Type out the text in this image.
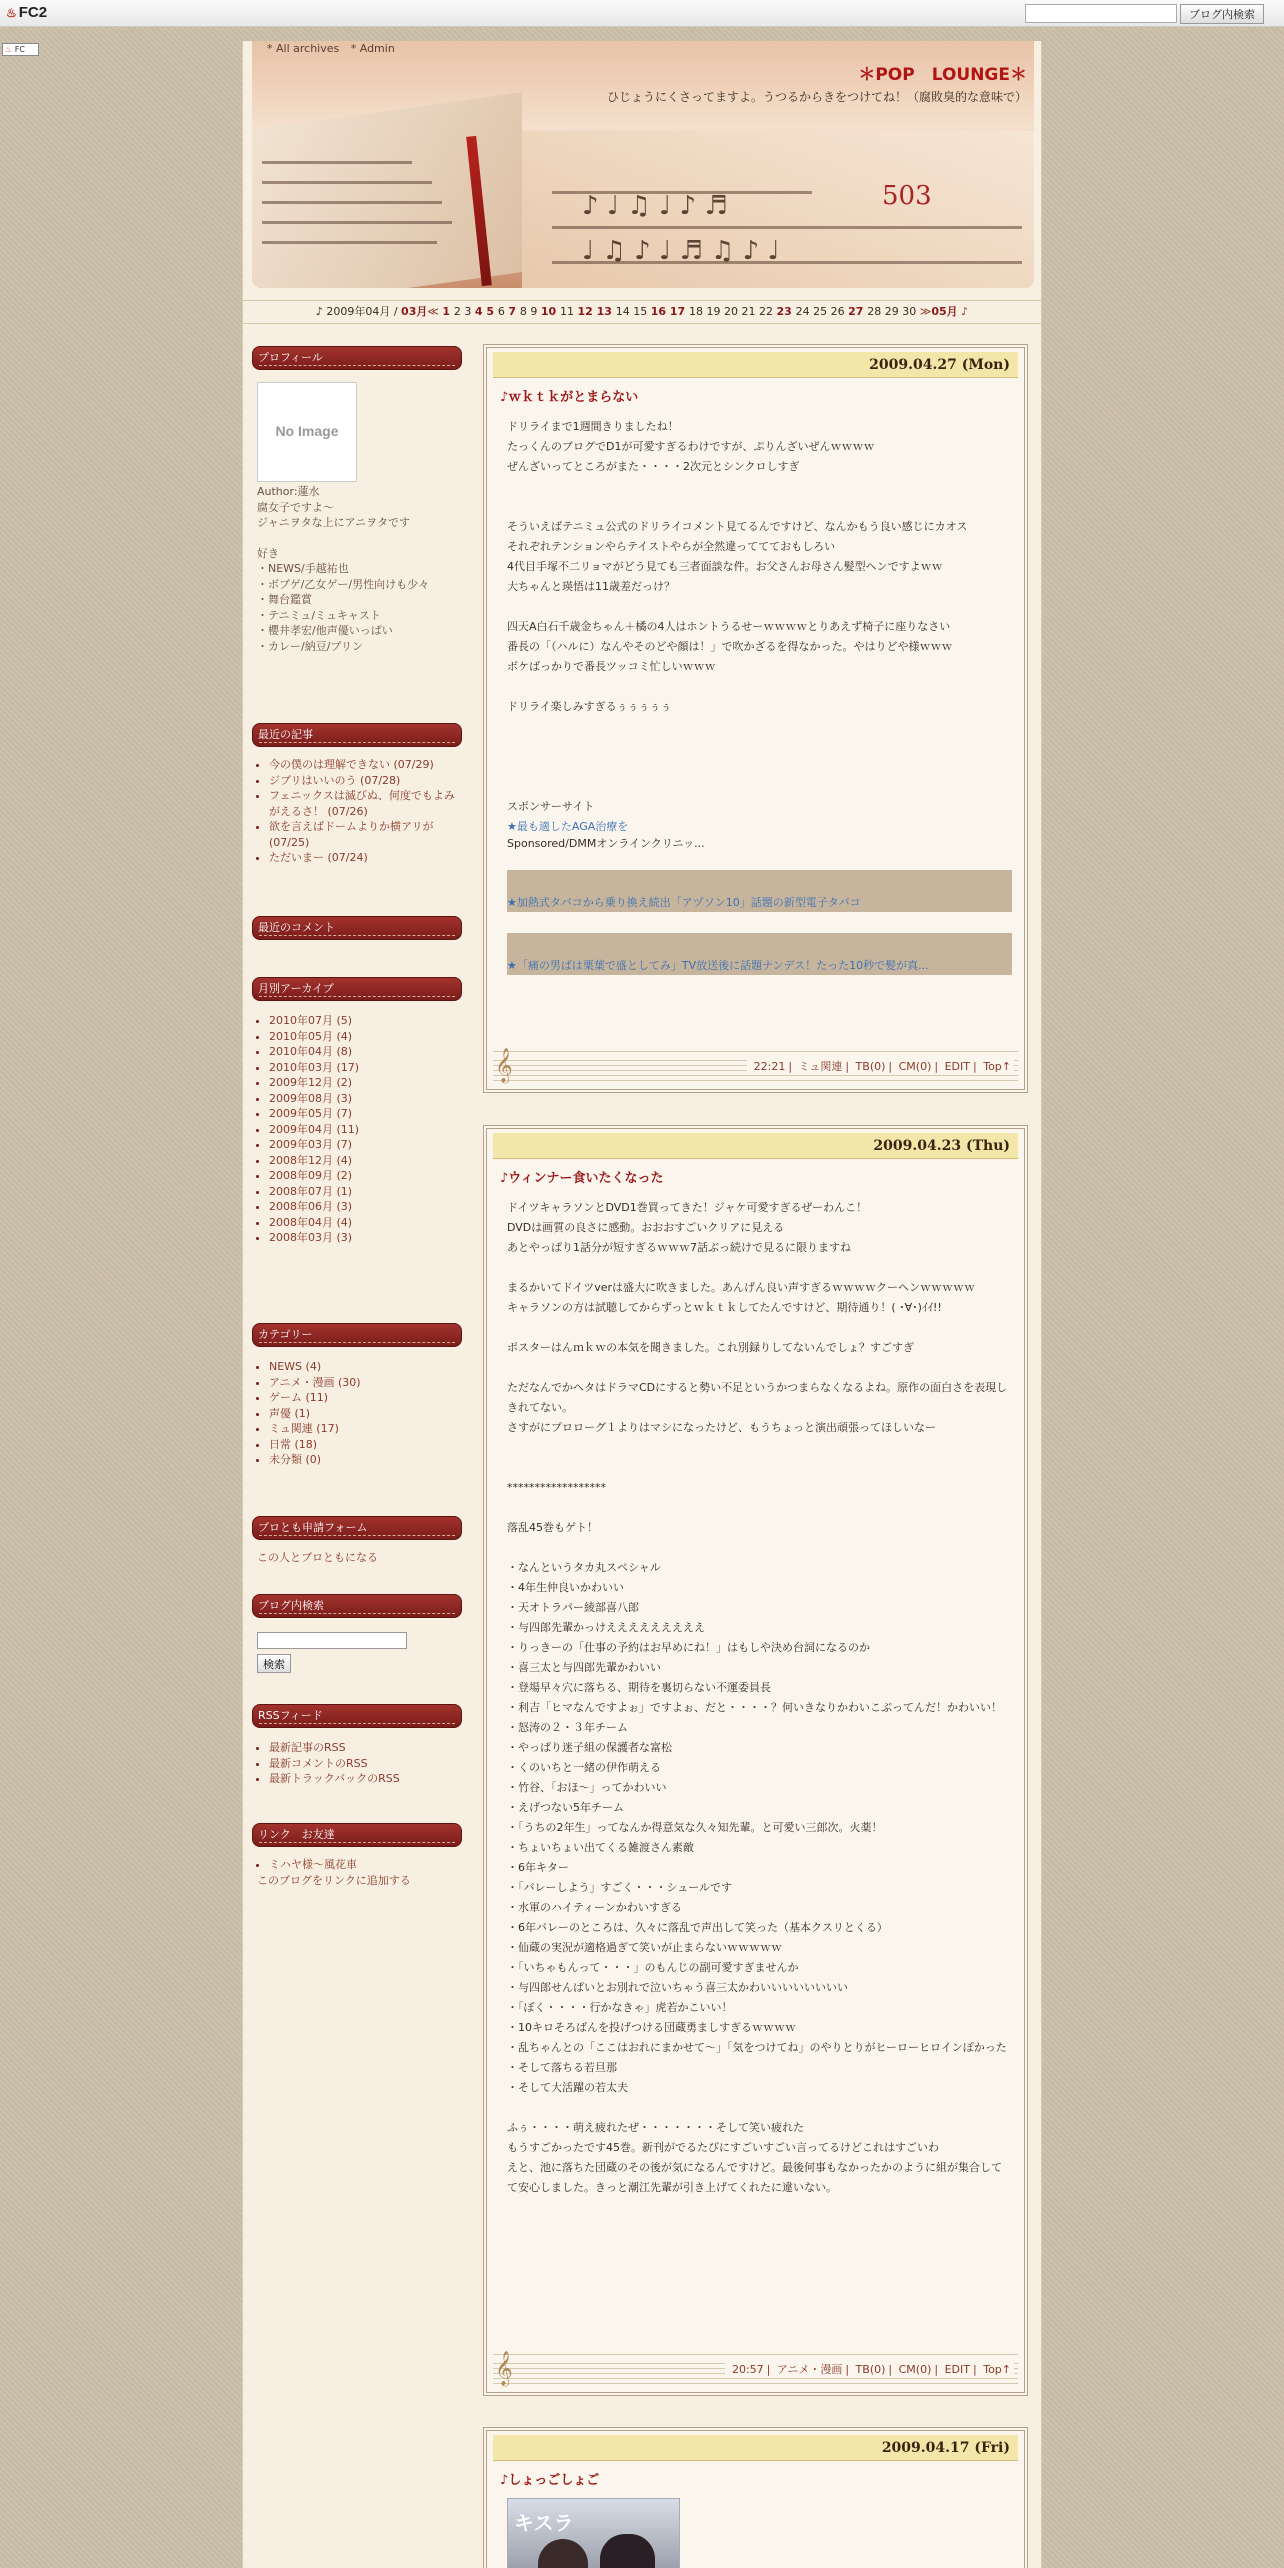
♨ FC2	ブログ内検索
♨ FC
♪ ♩ ♫ ♩ ♪ ♬
♩ ♫ ♪ ♩ ♬ ♫ ♪ ♩
503
* All archives * Admin
＊POP　LOUNGE＊
ひじょうにくさってますよ。うつるからきをつけてね！（腐敗臭的な意味で）
♪ 2009年04月 / 03月≪ 1 2 3 4 5 6 7 8 9 10 11 12 13 14 15 16 17 18 19 20 21 22 23 24 25 26 27 28 29 30 ≫05月 ♪
プロフィール
No Image
Author:蓮水
腐女子ですよ～
ジャニヲタな上にアニヲタです
好き
・NEWS/手越祐也
・ボブゲ/乙女ゲー/男性向けも少々
・舞台鑑賞
・テニミュ/ミュキャスト
・櫻井孝宏/他声優いっぱい
・カレー/納豆/プリン
最近の記事
• 今の僕のは理解できない (07/29)
• ジブリはいいのう (07/28)
• フェニックスは滅びぬ、何度でもよみがえるさ！ (07/26)
• 欲を言えばドームよりか横アリが (07/25)
• ただいまー (07/24)
最近のコメント
月別アーカイブ
• 2010年07月 (5)
• 2010年05月 (4)
• 2010年04月 (8)
• 2010年03月 (17)
• 2009年12月 (2)
• 2009年08月 (3)
• 2009年05月 (7)
• 2009年04月 (11)
• 2009年03月 (7)
• 2008年12月 (4)
• 2008年09月 (2)
• 2008年07月 (1)
• 2008年06月 (3)
• 2008年04月 (4)
• 2008年03月 (3)
カテゴリー
• NEWS (4)
• アニメ・漫画 (30)
• ゲーム (11)
• 声優 (1)
• ミュ関連 (17)
• 日常 (18)
• 未分類 (0)
ブロとも申請フォーム
この人とブロともになる
ブログ内検索
検索
RSSフィード
• 最新記事のRSS
• 最新コメントのRSS
• 最新トラックバックのRSS
リンク　お友達
• ミハヤ様～風花車
このブログをリンクに追加する
2009.04.27 (Mon)
♪ｗｋｔｋがとまらない
ドリライまで1週間きりましたね！
たっくんのブログでD1が可愛すぎるわけですが、ぷりんざいぜんｗｗｗｗ
ぜんざいってところがまた・・・・2次元とシンクロしすぎ

そういえばテニミュ公式のドリライコメント見てるんですけど、なんかもう良い感じにカオス
それぞれテンションやらテイストやらが全然違っててておもしろい
4代目手塚不二リョマがどう見ても三者面談な件。お父さんお母さん髪型ヘンですよｗｗ
大ちゃんと瑛悟は11歳差だっけ？

四天A白石千歳金ちゃん＋橘の4人はホントうるせーｗｗｗｗとりあえず椅子に座りなさい
番長の「（ハルに）なんやそのどや顔は！」で吹かざるを得なかった。やはりどや様ｗｗｗ
ボケばっかりで番長ツッコミ忙しいｗｗｗ

ドリライ楽しみすぎるぅぅぅぅぅ

スポンサーサイト

★最も適したAGA治療を
Sponsored/DMMオンラインクリニッ...
★加熱式タバコから乗り換え続出「アヅソン10」話題の新型電子タバコ
★「痛の男ばは栗葉で盛としてみ」TV放送後に話題ナンデス！たった10秒で髪が真...
𝄞	22:21 | ミュ関連 | TB(0) | CM(0) | EDIT | Top↑
2009.04.23 (Thu)
♪ウィンナー食いたくなった
ドイツキャラソンとDVD1巻買ってきた！ジャケ可愛すぎるぜーわんこ！
DVDは画質の良さに感動。おおおすごいクリアに見える
あとやっぱり1話分が短すぎるｗｗｗ7話ぶっ続けで見るに限りますね

まるかいてドイツverは盛大に吹きました。あんげん良い声すぎるｗｗｗｗクーヘンｗｗｗｗｗ
キャラソンの方は試聴してからずっとｗｋｔｋしてたんですけど、期待通り！( ･∀･)ｲｲ!!

ポスターはんｍｋｗの本気を聞きました。これ別録りしてないんでしょ？すごすぎ

ただなんでかヘタはドラマCDにすると勢い不足というかつまらなくなるよね。原作の面白さを表現しきれてない。
さすがにプロローグ１よりはマシになったけど、もうちょっと演出頑張ってほしいなー

******************

落乱45巻もゲト！

・なんというタカ丸スペシャル
・4年生仲良いかわいい
・天オトラパー綾部喜八郎
・与四郎先輩かっけえええええええええ
・りっきーの「仕事の予約はお早めにね！」はもしや決め台詞になるのか
・喜三太と与四郎先輩かわいい
・登場早々穴に落ちる、期待を裏切らない不運委員長
・利吉「ヒマなんですよぉ」ですよぉ、だと・・・・？何いきなりかわいこぶってんだ！かわいい！
・怒涛の２・３年チーム
・やっぱり迷子組の保護者な富松
・くのいちと一緒の伊作萌える
・竹谷、「おほ～」ってかわいい
・えげつない5年チーム
・「うちの2年生」ってなんか得意気な久々知先輩。と可愛い三郎次。火薬！
・ちょいちょい出てくる雑渡さん素敵
・6年キター
・「バレーしよう」すごく・・・シュールです
・水軍のハイティーンかわいすぎる
・6年バレーのところは、久々に落乱で声出して笑った（基本クスリとくる）
・仙蔵の実況が適格過ぎて笑いが止まらないｗｗｗｗｗ
・「いちゃもんって・・・」のもんじの副可愛すぎませんか
・与四郎せんぱいとお別れで泣いちゃう喜三太かわいいいいいいいい
・「ぼく・・・・行かなきゃ」虎若かこいい！
・10キロそろばんを投げつける団蔵勇ましすぎるｗｗｗｗ
・乱ちゃんとの「ここはおれにまかせて～」「気をつけてね」のやりとりがヒーローヒロインぽかった
・そして落ちる若旦那
・そして大活躍の若太夫

ふぅ・・・・萌え疲れたぜ・・・・・・・そして笑い疲れた
もうすごかったです45巻。新刊がでるたびにすごいすごい言ってるけどこれはすごいわ
えと、池に落ちた団蔵のその後が気になるんですけど。最後何事もなかったかのように組が集合してて安心しました。きっと潮江先輩が引き上げてくれたに違いない。
𝄞	20:57 | アニメ・漫画 | TB(0) | CM(0) | EDIT | Top↑
2009.04.17 (Fri)
♪しょっごしょご
キスラ
